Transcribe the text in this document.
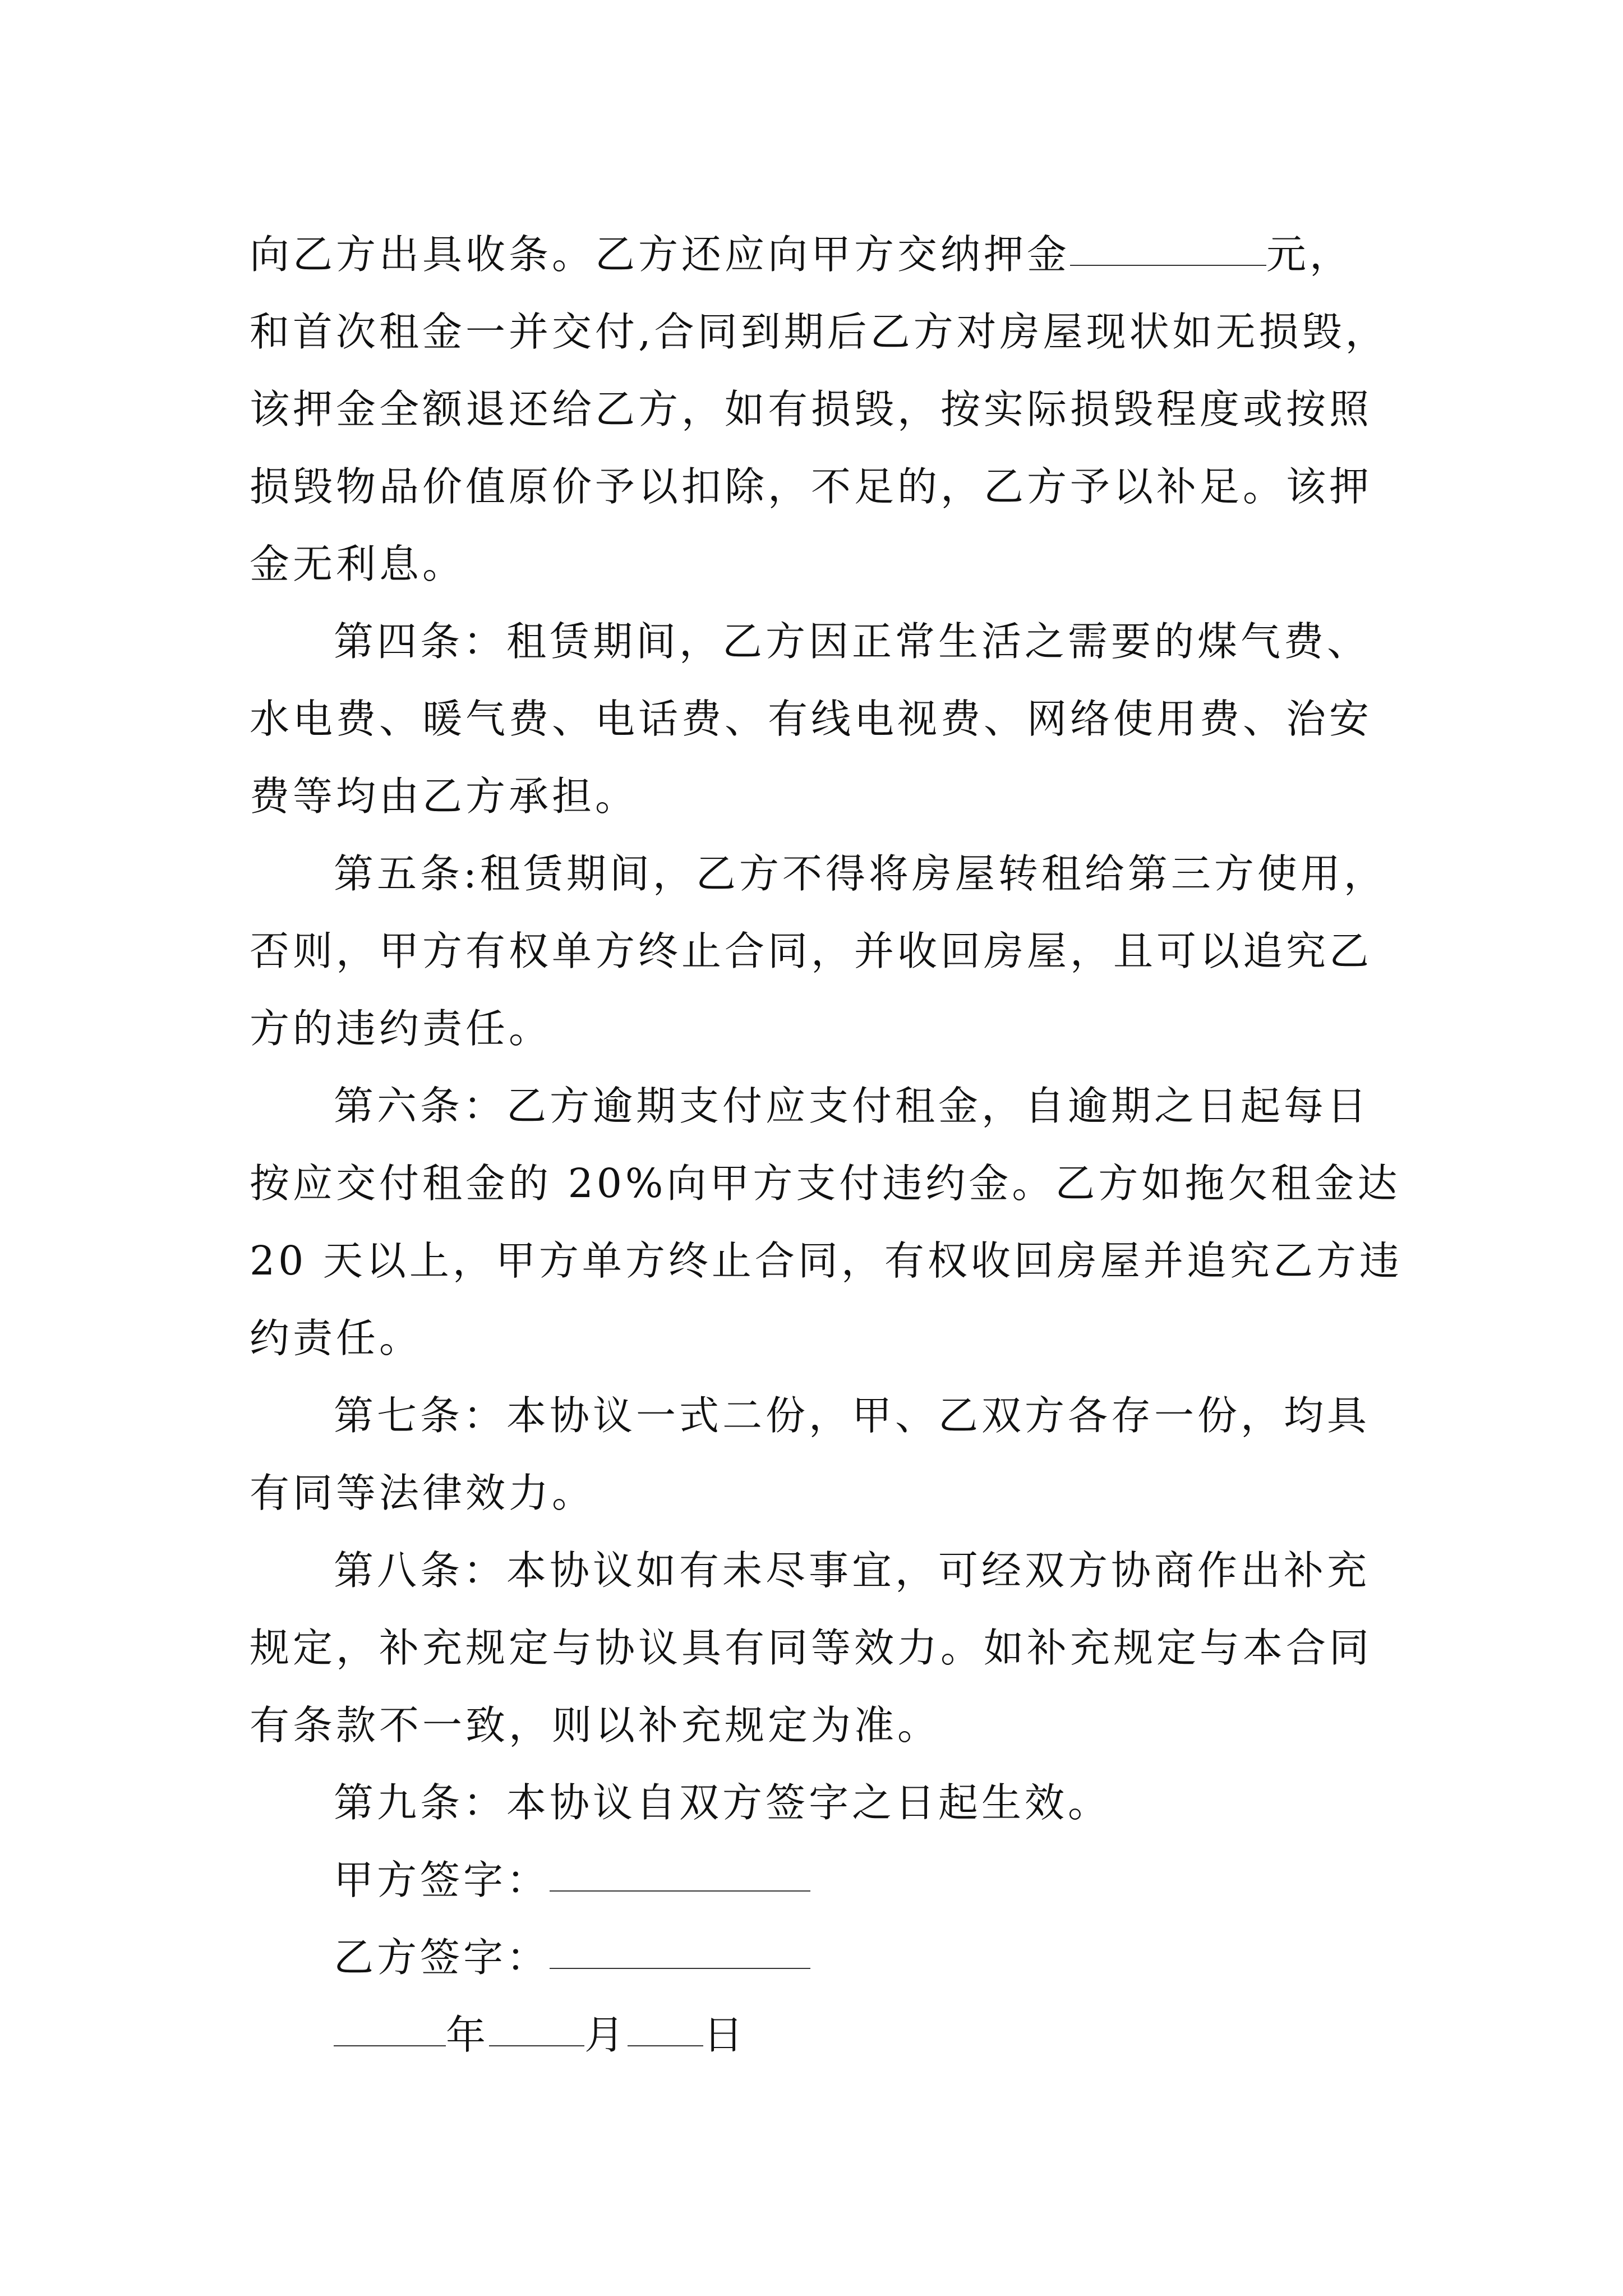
向乙方出具收条。乙方还应向甲方交纳押金	元，
和首次租金一并交付,合同到期后乙方对房屋现状如无损毁，
该押金全额退还给乙方，如有损毁，按实际损毁程度或按照
损毁物品价值原价予以扣除，不足的，乙方予以补足。该押
金无利息。
第四条：租赁期间，乙方因正常生活之需要的煤气费、
水电费、暖气费、电话费、有线电视费、网络使用费、治安
费等均由乙方承担。
第五条:租赁期间，乙方不得将房屋转租给第三方使用，
否则，甲方有权单方终止合同，并收回房屋，且可以追究乙
方的违约责任。
第六条：乙方逾期支付应支付租金，自逾期之日起每日
按应交付租金的 20%向甲方支付违约金。乙方如拖欠租金达
20 天以上，甲方单方终止合同，有权收回房屋并追究乙方违
约责任。
第七条：本协议一式二份，甲、乙双方各存一份，均具
有同等法律效力。
第八条：本协议如有未尽事宜，可经双方协商作出补充
规定，补充规定与协议具有同等效力。如补充规定与本合同
有条款不一致，则以补充规定为准。
第九条：本协议自双方签字之日起生效。
甲方签字：
乙方签字：
年 月 日
